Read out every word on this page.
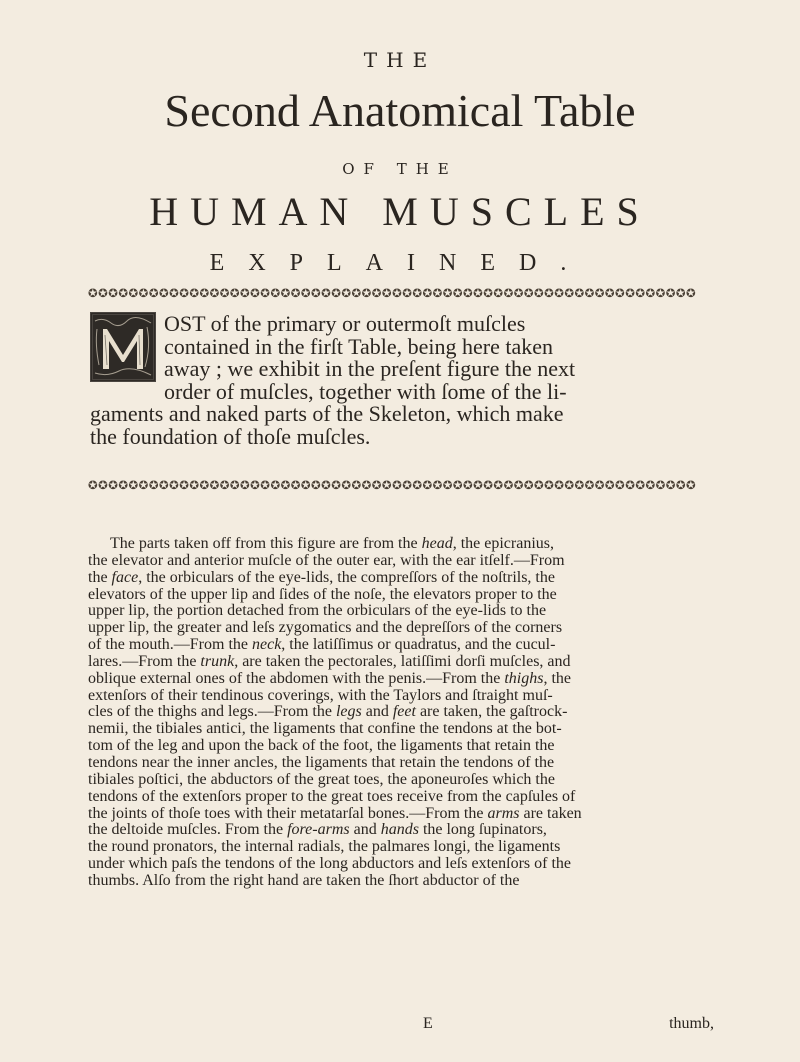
THE
Second Anatomical Table
OF THE
HUMAN MUSCLES
EXPLAINED.
✪✪✪✪✪✪✪✪✪✪✪✪✪✪✪✪✪✪✪✪✪✪✪✪✪✪✪✪✪✪✪✪✪✪✪✪✪✪✪✪✪✪✪✪✪✪✪✪✪✪✪✪✪✪✪✪✪✪✪✪
OST of the primary or outermoſt muſcles
contained in the firſt Table, being here taken
away ; we exhibit in the preſent figure the next
order of muſcles, together with ſome of the li-
gaments and naked parts of the Skeleton, which make
the foundation of thoſe muſcles.
✪✪✪✪✪✪✪✪✪✪✪✪✪✪✪✪✪✪✪✪✪✪✪✪✪✪✪✪✪✪✪✪✪✪✪✪✪✪✪✪✪✪✪✪✪✪✪✪✪✪✪✪✪✪✪✪✪✪✪✪
The parts taken off from this figure are from the head, the epicranius,
the elevator and anterior muſcle of the outer ear, with the ear itſelf.—From
the face, the orbiculars of the eye-lids, the compreſſors of the noſtrils, the
elevators of the upper lip and ſides of the noſe, the elevators proper to the
upper lip, the portion detached from the orbiculars of the eye-lids to the
upper lip, the greater and leſs zygomatics and the depreſſors of the corners
of the mouth.—From the neck, the latiſſimus or quadratus, and the cucul-
lares.—From the trunk, are taken the pectorales, latiſſimi dorſi muſcles, and
oblique external ones of the abdomen with the penis.—From the thighs, the
extenſors of their tendinous coverings, with the Taylors and ſtraight muſ-
cles of the thighs and legs.—From the legs and feet are taken, the gaſtrock-
nemii, the tibiales antici, the ligaments that confine the tendons at the bot-
tom of the leg and upon the back of the foot, the ligaments that retain the
tendons near the inner ancles, the ligaments that retain the tendons of the
tibiales poſtici, the abductors of the great toes, the aponeuroſes which the
tendons of the extenſors proper to the great toes receive from the capſules of
the joints of thoſe toes with their metatarſal bones.—From the arms are taken
the deltoide muſcles. From the fore-arms and hands the long ſupinators,
the round pronators, the internal radials, the palmares longi, the ligaments
under which paſs the tendons of the long abductors and leſs extenſors of the
thumbs. Alſo from the right hand are taken the ſhort abductor of the
E	thumb,
